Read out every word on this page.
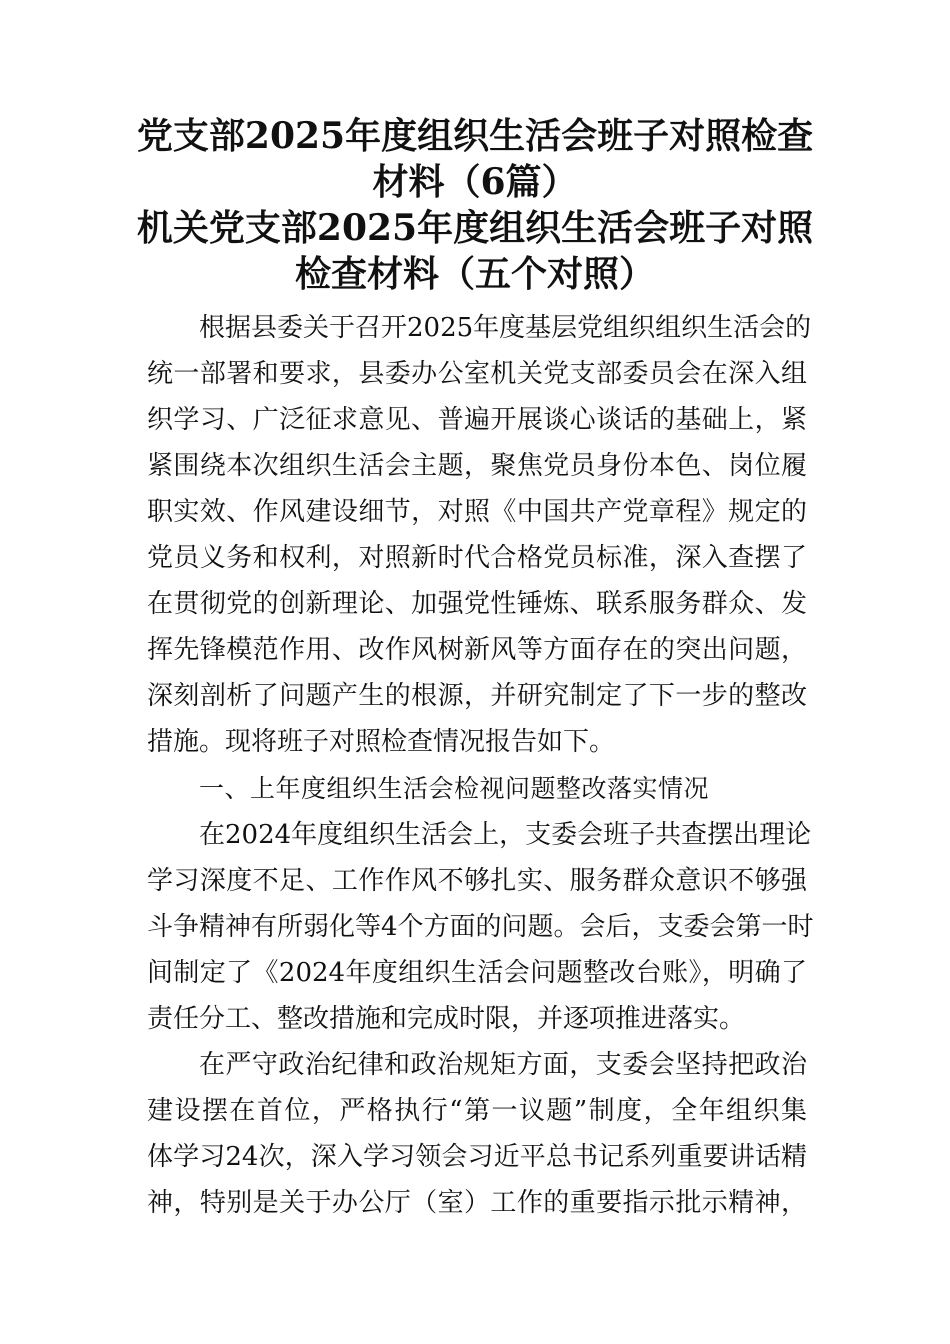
党支部2025年度组织生活会班子对照检查
材料（6篇）
机关党支部2025年度组织生活会班子对照
检查材料（五个对照）
根据县委关于召开2025年度基层党组织组织生活会的
统一部署和要求，县委办公室机关党支部委员会在深入组
织学习、广泛征求意见、普遍开展谈心谈话的基础上，紧
紧围绕本次组织生活会主题，聚焦党员身份本色、岗位履
职实效、作风建设细节，对照《中国共产党章程》规定的
党员义务和权利，对照新时代合格党员标准，深入查摆了
在贯彻党的创新理论、加强党性锤炼、联系服务群众、发
挥先锋模范作用、改作风树新风等方面存在的突出问题，
深刻剖析了问题产生的根源，并研究制定了下一步的整改
措施。现将班子对照检查情况报告如下。
一、上年度组织生活会检视问题整改落实情况
在2024年度组织生活会上，支委会班子共查摆出理论
学习深度不足、工作作风不够扎实、服务群众意识不够强
斗争精神有所弱化等4个方面的问题。会后，支委会第一时
间制定了《2024年度组织生活会问题整改台账》，明确了
责任分工、整改措施和完成时限，并逐项推进落实。
在严守政治纪律和政治规矩方面，支委会坚持把政治
建设摆在首位，严格执行“第一议题”制度，全年组织集
体学习24次，深入学习领会习近平总书记系列重要讲话精
神，特别是关于办公厅（室）工作的重要指示批示精神，
